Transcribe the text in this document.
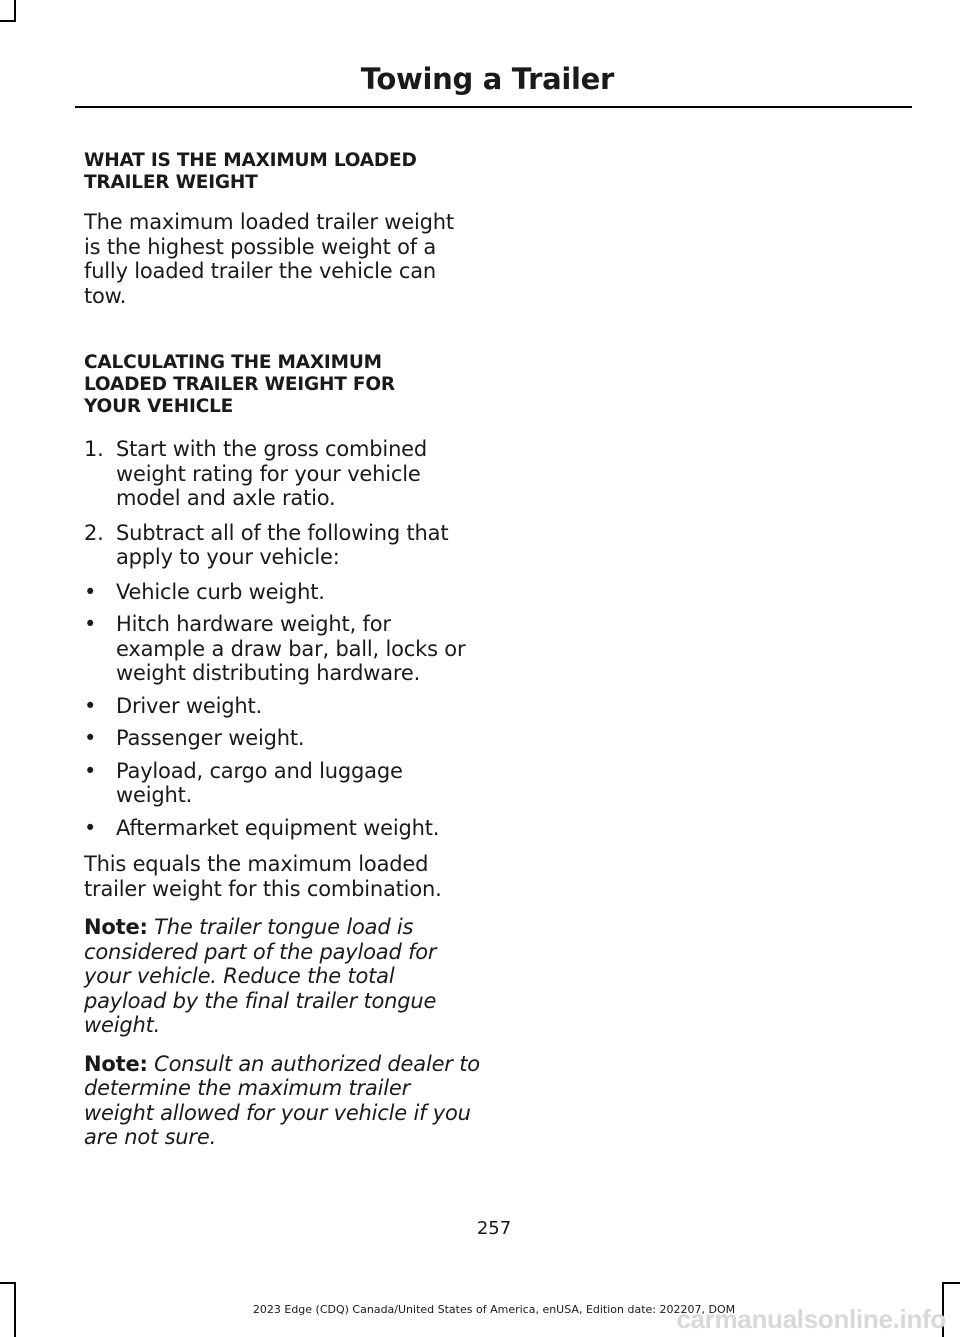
Towing a Trailer
WHAT IS THE MAXIMUM LOADED TRAILER WEIGHT

The maximum loaded trailer weight is the highest possible weight of a fully loaded trailer the vehicle can tow.

CALCULATING THE MAXIMUM LOADED TRAILER WEIGHT FOR YOUR VEHICLE
1. Start with the gross combined weight rating for your vehicle model and axle ratio.
2. Subtract all of the following that apply to your vehicle:
• Vehicle curb weight.
• Hitch hardware weight, for example a draw bar, ball, locks or weight distributing hardware.
• Driver weight.
• Passenger weight.
• Payload, cargo and luggage weight.
• Aftermarket equipment weight.

This equals the maximum loaded trailer weight for this combination.

Note: The trailer tongue load is considered part of the payload for your vehicle. Reduce the total payload by the final trailer tongue weight.

Note: Consult an authorized dealer to determine the maximum trailer weight allowed for your vehicle if you are not sure.

257
2023 Edge (CDQ) Canada/United States of America, enUSA, Edition date: 202207, DOM
carmanualsonline.info
